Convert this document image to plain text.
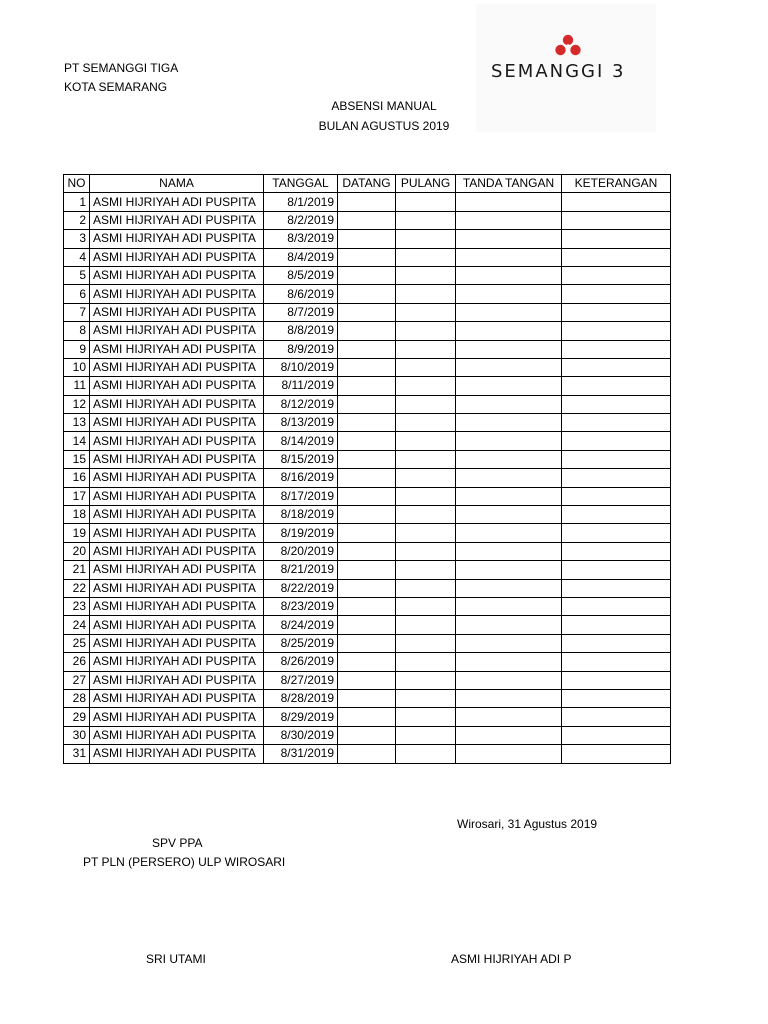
PT SEMANGGI TIGA
KOTA SEMARANG
SEMANGGI 3
ABSENSI MANUAL
BULAN AGUSTUS 2019
NO	NAMA	TANGGAL	DATANG	PULANG	TANDA TANGAN	KETERANGAN
1	ASMI HIJRIYAH ADI PUSPITA	8/1/2019				
2	ASMI HIJRIYAH ADI PUSPITA	8/2/2019				
3	ASMI HIJRIYAH ADI PUSPITA	8/3/2019				
4	ASMI HIJRIYAH ADI PUSPITA	8/4/2019				
5	ASMI HIJRIYAH ADI PUSPITA	8/5/2019				
6	ASMI HIJRIYAH ADI PUSPITA	8/6/2019				
7	ASMI HIJRIYAH ADI PUSPITA	8/7/2019				
8	ASMI HIJRIYAH ADI PUSPITA	8/8/2019				
9	ASMI HIJRIYAH ADI PUSPITA	8/9/2019				
10	ASMI HIJRIYAH ADI PUSPITA	8/10/2019				
11	ASMI HIJRIYAH ADI PUSPITA	8/11/2019				
12	ASMI HIJRIYAH ADI PUSPITA	8/12/2019				
13	ASMI HIJRIYAH ADI PUSPITA	8/13/2019				
14	ASMI HIJRIYAH ADI PUSPITA	8/14/2019				
15	ASMI HIJRIYAH ADI PUSPITA	8/15/2019				
16	ASMI HIJRIYAH ADI PUSPITA	8/16/2019				
17	ASMI HIJRIYAH ADI PUSPITA	8/17/2019				
18	ASMI HIJRIYAH ADI PUSPITA	8/18/2019				
19	ASMI HIJRIYAH ADI PUSPITA	8/19/2019				
20	ASMI HIJRIYAH ADI PUSPITA	8/20/2019				
21	ASMI HIJRIYAH ADI PUSPITA	8/21/2019				
22	ASMI HIJRIYAH ADI PUSPITA	8/22/2019				
23	ASMI HIJRIYAH ADI PUSPITA	8/23/2019				
24	ASMI HIJRIYAH ADI PUSPITA	8/24/2019				
25	ASMI HIJRIYAH ADI PUSPITA	8/25/2019				
26	ASMI HIJRIYAH ADI PUSPITA	8/26/2019				
27	ASMI HIJRIYAH ADI PUSPITA	8/27/2019				
28	ASMI HIJRIYAH ADI PUSPITA	8/28/2019				
29	ASMI HIJRIYAH ADI PUSPITA	8/29/2019				
30	ASMI HIJRIYAH ADI PUSPITA	8/30/2019				
31	ASMI HIJRIYAH ADI PUSPITA	8/31/2019				
Wirosari, 31 Agustus 2019
SPV PPA
PT PLN (PERSERO) ULP WIROSARI
SRI UTAMI	ASMI HIJRIYAH ADI P
